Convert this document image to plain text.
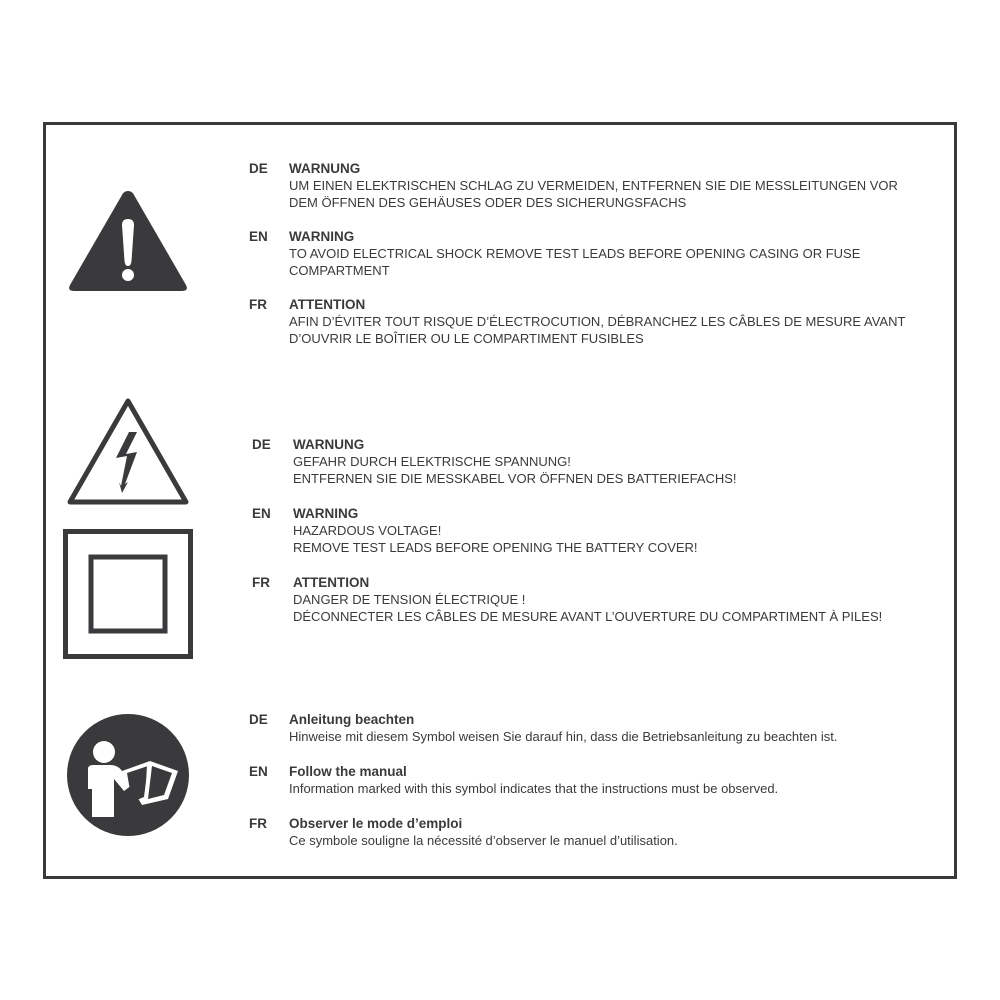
DE WARNUNG
UM EINEN ELEKTRISCHEN SCHLAG ZU VERMEIDEN, ENTFERNEN SIE DIE MESSLEITUNGEN VOR
DEM ÖFFNEN DES GEHÄUSES ODER DES SICHERUNGSFACHS
EN WARNING
TO AVOID ELECTRICAL SHOCK REMOVE TEST LEADS BEFORE OPENING CASING OR FUSE
COMPARTMENT
FR ATTENTION
AFIN D’ÉVITER TOUT RISQUE D’ÉLECTROCUTION, DÉBRANCHEZ LES CÂBLES DE MESURE AVANT
D’OUVRIR LE BOÎTIER OU LE COMPARTIMENT FUSIBLES
DE WARNUNG
GEFAHR DURCH ELEKTRISCHE SPANNUNG!
ENTFERNEN SIE DIE MESSKABEL VOR ÖFFNEN DES BATTERIEFACHS!
EN WARNING
HAZARDOUS VOLTAGE!
REMOVE TEST LEADS BEFORE OPENING THE BATTERY COVER!
FR ATTENTION
DANGER DE TENSION ÉLECTRIQUE !
DÉCONNECTER LES CÂBLES DE MESURE AVANT L’OUVERTURE DU COMPARTIMENT À PILES!
DE Anleitung beachten
Hinweise mit diesem Symbol weisen Sie darauf hin, dass die Betriebsanleitung zu beachten ist.
EN Follow the manual
Information marked with this symbol indicates that the instructions must be observed.
FR Observer le mode d’emploi
Ce symbole souligne la nécessité d’observer le manuel d’utilisation.
